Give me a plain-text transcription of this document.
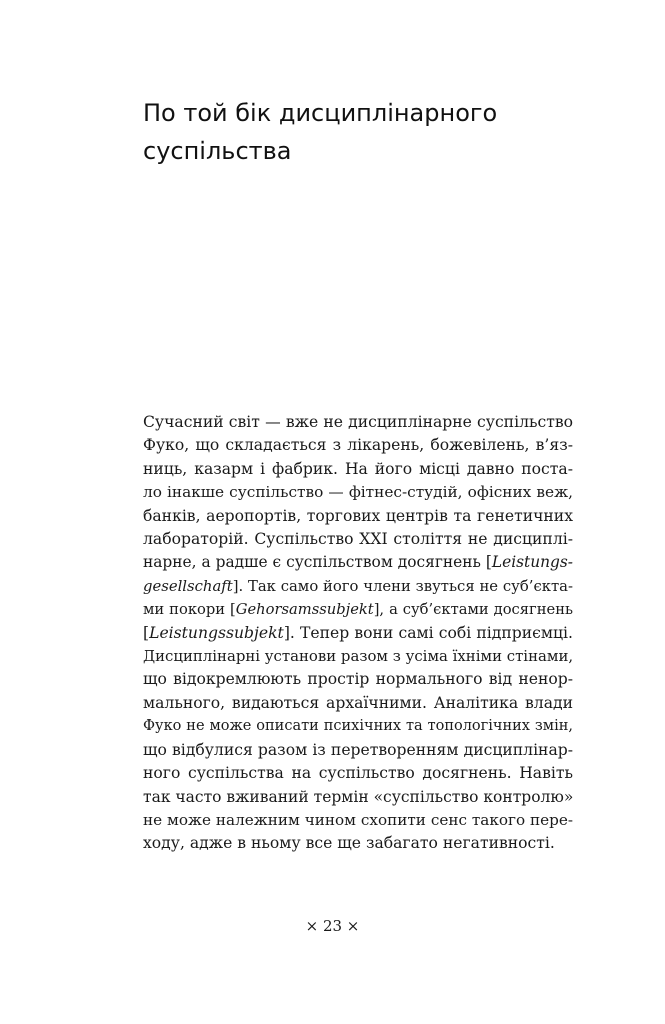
По той бік дисциплінарного
суспільства
Сучасний світ — вже не дисциплінарне суспільство
Фуко, що складається з лікарень, божевілень, в’яз-
ниць, казарм і фабрик. На його місці давно поста-
ло інакше суспільство — фітнес-студій, офісних веж,
банків, аеропортів, торгових центрів та генетичних
лабораторій. Суспільство XXI століття не дисциплі-
нарне, а радше є суспільством досягнень [Leistungs-
gesellschaft]. Так само його члени звуться не суб’єкта-
ми покори [Gehorsamssubjekt], а суб’єктами досягнень
[Leistungssubjekt]. Тепер вони самі собі підприємці.
Дисциплінарні установи разом з усіма їхніми стінами,
що відокремлюють простір нормального від ненор-
мального, видаються архаїчними. Аналітика влади
Фуко не може описати психічних та топологічних змін,
що відбулися разом із перетворенням дисциплінар-
ного суспільства на суспільство досягнень. Навіть
так часто вживаний термін «суспільство контролю»
не може належним чином схопити сенс такого пере-
ходу, адже в ньому все ще забагато негативності.

× 23 ×
